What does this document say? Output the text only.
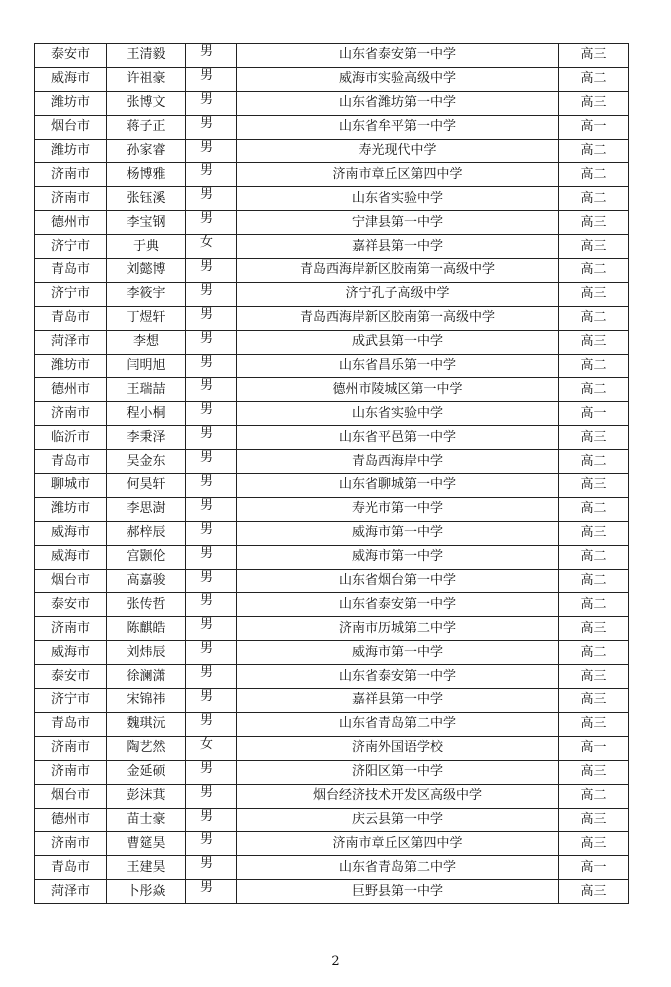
泰安市	王清毅	男	山东省泰安第一中学	高三
威海市	许祖豪	男	威海市实验高级中学	高二
潍坊市	张博文	男	山东省潍坊第一中学	高三
烟台市	蒋子正	男	山东省牟平第一中学	高一
潍坊市	孙家睿	男	寿光现代中学	高二
济南市	杨博雅	男	济南市章丘区第四中学	高二
济南市	张钰溪	男	山东省实验中学	高二
德州市	李宝钢	男	宁津县第一中学	高三
济宁市	于典	女	嘉祥县第一中学	高三
青岛市	刘懿博	男	青岛西海岸新区胶南第一高级中学	高二
济宁市	李筱宇	男	济宁孔子高级中学	高三
青岛市	丁煜轩	男	青岛西海岸新区胶南第一高级中学	高二
菏泽市	李想	男	成武县第一中学	高三
潍坊市	闫明旭	男	山东省昌乐第一中学	高二
德州市	王瑞喆	男	德州市陵城区第一中学	高二
济南市	程小桐	男	山东省实验中学	高一
临沂市	李秉泽	男	山东省平邑第一中学	高三
青岛市	吴金东	男	青岛西海岸中学	高二
聊城市	何昊轩	男	山东省聊城第一中学	高三
潍坊市	李思澍	男	寿光市第一中学	高二
威海市	郝梓辰	男	威海市第一中学	高三
威海市	宫颢伦	男	威海市第一中学	高二
烟台市	高嘉骏	男	山东省烟台第一中学	高二
泰安市	张传哲	男	山东省泰安第一中学	高二
济南市	陈麒皓	男	济南市历城第二中学	高三
威海市	刘炜辰	男	威海市第一中学	高二
泰安市	徐澜潇	男	山东省泰安第一中学	高三
济宁市	宋锦祎	男	嘉祥县第一中学	高三
青岛市	魏琪沅	男	山东省青岛第二中学	高三
济南市	陶艺然	女	济南外国语学校	高一
济南市	金延硕	男	济阳区第一中学	高三
烟台市	彭沫萁	男	烟台经济技术开发区高级中学	高二
德州市	苗士豪	男	庆云县第一中学	高三
济南市	曹筵昊	男	济南市章丘区第四中学	高三
青岛市	王建昊	男	山东省青岛第二中学	高一
菏泽市	卜彤焱	男	巨野县第一中学	高三
2
